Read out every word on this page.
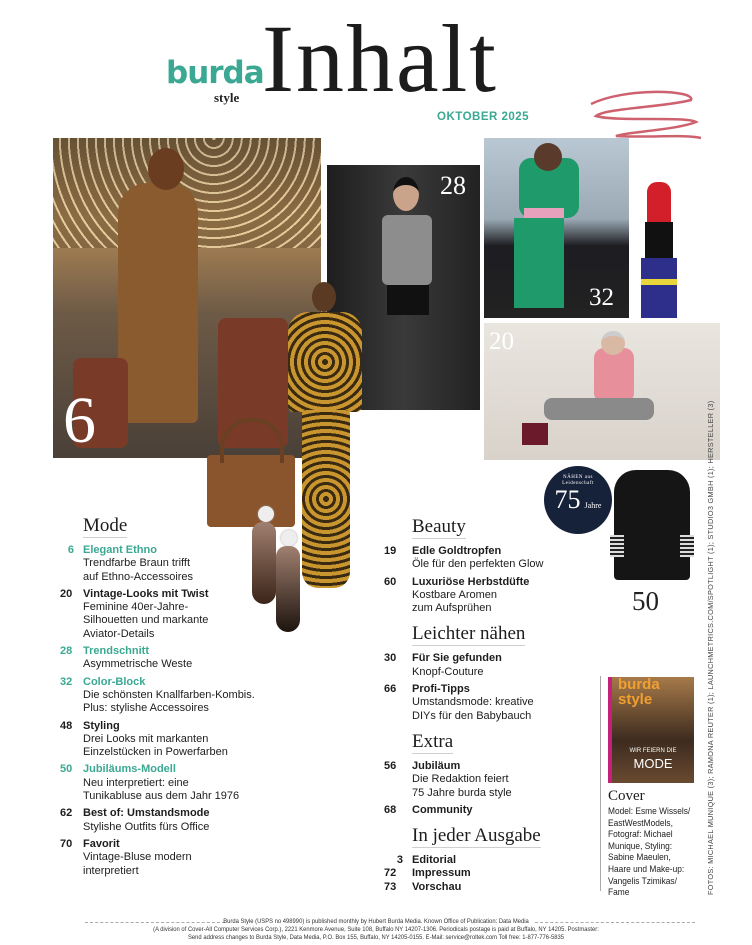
burda
style Inhalt
OKTOBER 2025
6
28
32
20
NÄHEN aus Leidenschaft
75 Jahre
50
Mode
6 Elegant Ethno
Trendfarbe Braun trifft
auf Ethno-Accessoires
20 Vintage-Looks mit Twist
Feminine 40er-Jahre-
Silhouetten und markante
Aviator-Details
28 Trendschnitt
Asymmetrische Weste
32 Color-Block
Die schönsten Knallfarben-Kombis.
Plus: stylishe Accessoires
48 Styling
Drei Looks mit markanten
Einzelstücken in Powerfarben
50 Jubiläums-Modell
Neu interpretiert: eine
Tunikabluse aus dem Jahr 1976
62 Best of: Umstandsmode
Stylishe Outfits fürs Office
70 Favorit
Vintage-Bluse modern
interpretiert
Beauty
19	Edle Goldtropfen
Öle für den perfekten Glow
60	Luxuriöse Herbstdüfte
Kostbare Aromen
zum Aufsprühen
Leichter nähen
30	Für Sie gefunden
Knopf-Couture
66	Profi-Tipps
Umstandsmode: kreative
DIYs für den Babybauch
Extra
56	Jubiläum
Die Redaktion feiert
75 Jahre burda style
68	Community
In jeder Ausgabe
3 Editorial
72	Impressum
73	Vorschau
burda style
WIR FEIERN DIE
MODE
Cover
Model: Esme Wissels/
EastWestModels,
Fotograf: Michael
Munique, Styling:
Sabine Maeulen,
Haare und Make-up:
Vangelis Tzimikas/
Fame	FOTOS: MICHAEL MUNIQUE (3); RAMONA REUTER (1); LAUNCHMETRICS.COM/SPOTLIGHT (1); STUDIO3 GMBH (1); HERSTELLER (3)
Burda Style (USPS no 498990) is published monthly by Hubert Burda Media. Known Office of Publication: Data Media
(A division of Cover-All Computer Services Corp.), 2221 Kenmore Avenue, Suite 108, Buffalo NY 14207-1306. Periodicals postage is paid at Buffalo, NY 14205. Postmaster:
Send address changes to Burda Style, Data Media, P.O. Box 155, Buffalo, NY 14205-0155. E-Mail: service@roltek.com Toll free: 1-877-776-5835
